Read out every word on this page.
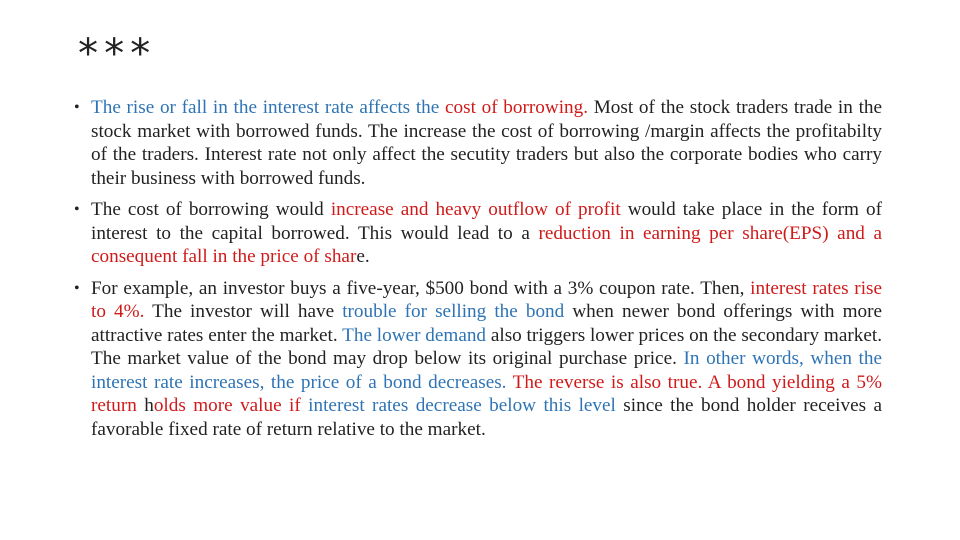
***
• The rise or fall in the interest rate affects the cost of borrowing. Most of the stock traders trade in the stock market with borrowed funds. The increase the cost of borrowing /margin affects the profitabilty of the traders. Interest rate not only affect the secutity traders but also the corporate bodies who carry their business with borrowed funds.
• The cost of borrowing would increase and heavy outflow of profit would take place in the form of interest to the capital borrowed. This would lead to a reduction in earning per share(EPS) and a consequent fall in the price of share.
• For example, an investor buys a five-year, $500 bond with a 3% coupon rate. Then, interest rates rise to 4%. The investor will have trouble for selling the bond when newer bond offerings with more attractive rates enter the market. The lower demand also triggers lower prices on the secondary market. The market value of the bond may drop below its original purchase price. In other words, when the interest rate increases, the price of a bond decreases. The reverse is also true. A bond yielding a 5% return holds more value if interest rates decrease below this level since the bond holder receives a favorable fixed rate of return relative to the market.
